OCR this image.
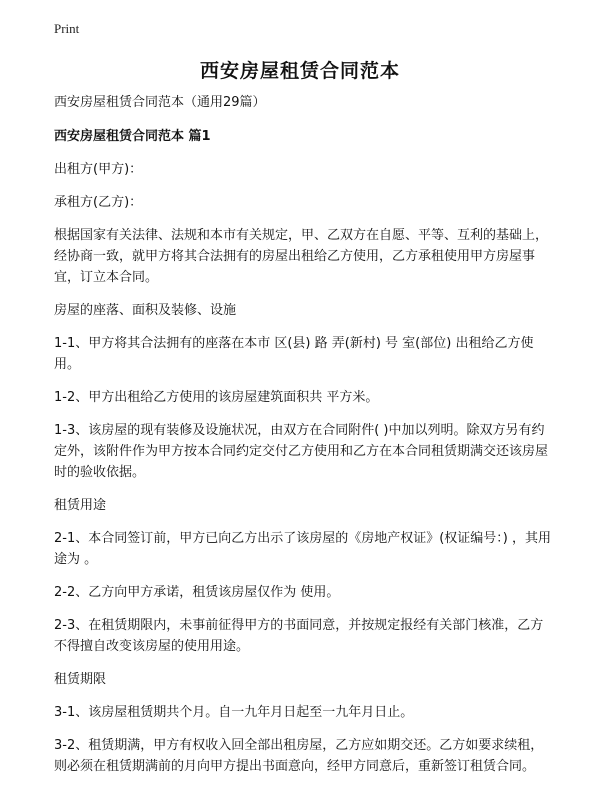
Print
西安房屋租赁合同范本
西安房屋租赁合同范本（通用29篇）
西安房屋租赁合同范本 篇1
出租方(甲方)：
承租方(乙方)：
根据国家有关法律、法规和本市有关规定，甲、乙双方在自愿、平等、互利的基础上，经协商一致，就甲方将其合法拥有的房屋出租给乙方使用，乙方承租使用甲方房屋事宜，订立本合同。
房屋的座落、面积及装修、设施
1-1、甲方将其合法拥有的座落在本市 区(县) 路 弄(新村) 号 室(部位) 出租给乙方使用。
1-2、甲方出租给乙方使用的该房屋建筑面积共 平方米。
1-3、该房屋的现有装修及设施状况，由双方在合同附件( )中加以列明。除双方另有约定外，该附件作为甲方按本合同约定交付乙方使用和乙方在本合同租赁期满交还该房屋时的验收依据。
租赁用途
2-1、本合同签订前，甲方已向乙方出示了该房屋的《房地产权证》(权证编号：) ，其用途为 。
2-2、乙方向甲方承诺，租赁该房屋仅作为 使用。
2-3、在租赁期限内，未事前征得甲方的书面同意，并按规定报经有关部门核准，乙方不得擅自改变该房屋的使用用途。
租赁期限
3-1、该房屋租赁期共个月。自一九年月日起至一九年月日止。
3-2、租赁期满，甲方有权收入回全部出租房屋，乙方应如期交还。乙方如要求续租，则必须在租赁期满前的月向甲方提出书面意向，经甲方同意后，重新签订租赁合同。
